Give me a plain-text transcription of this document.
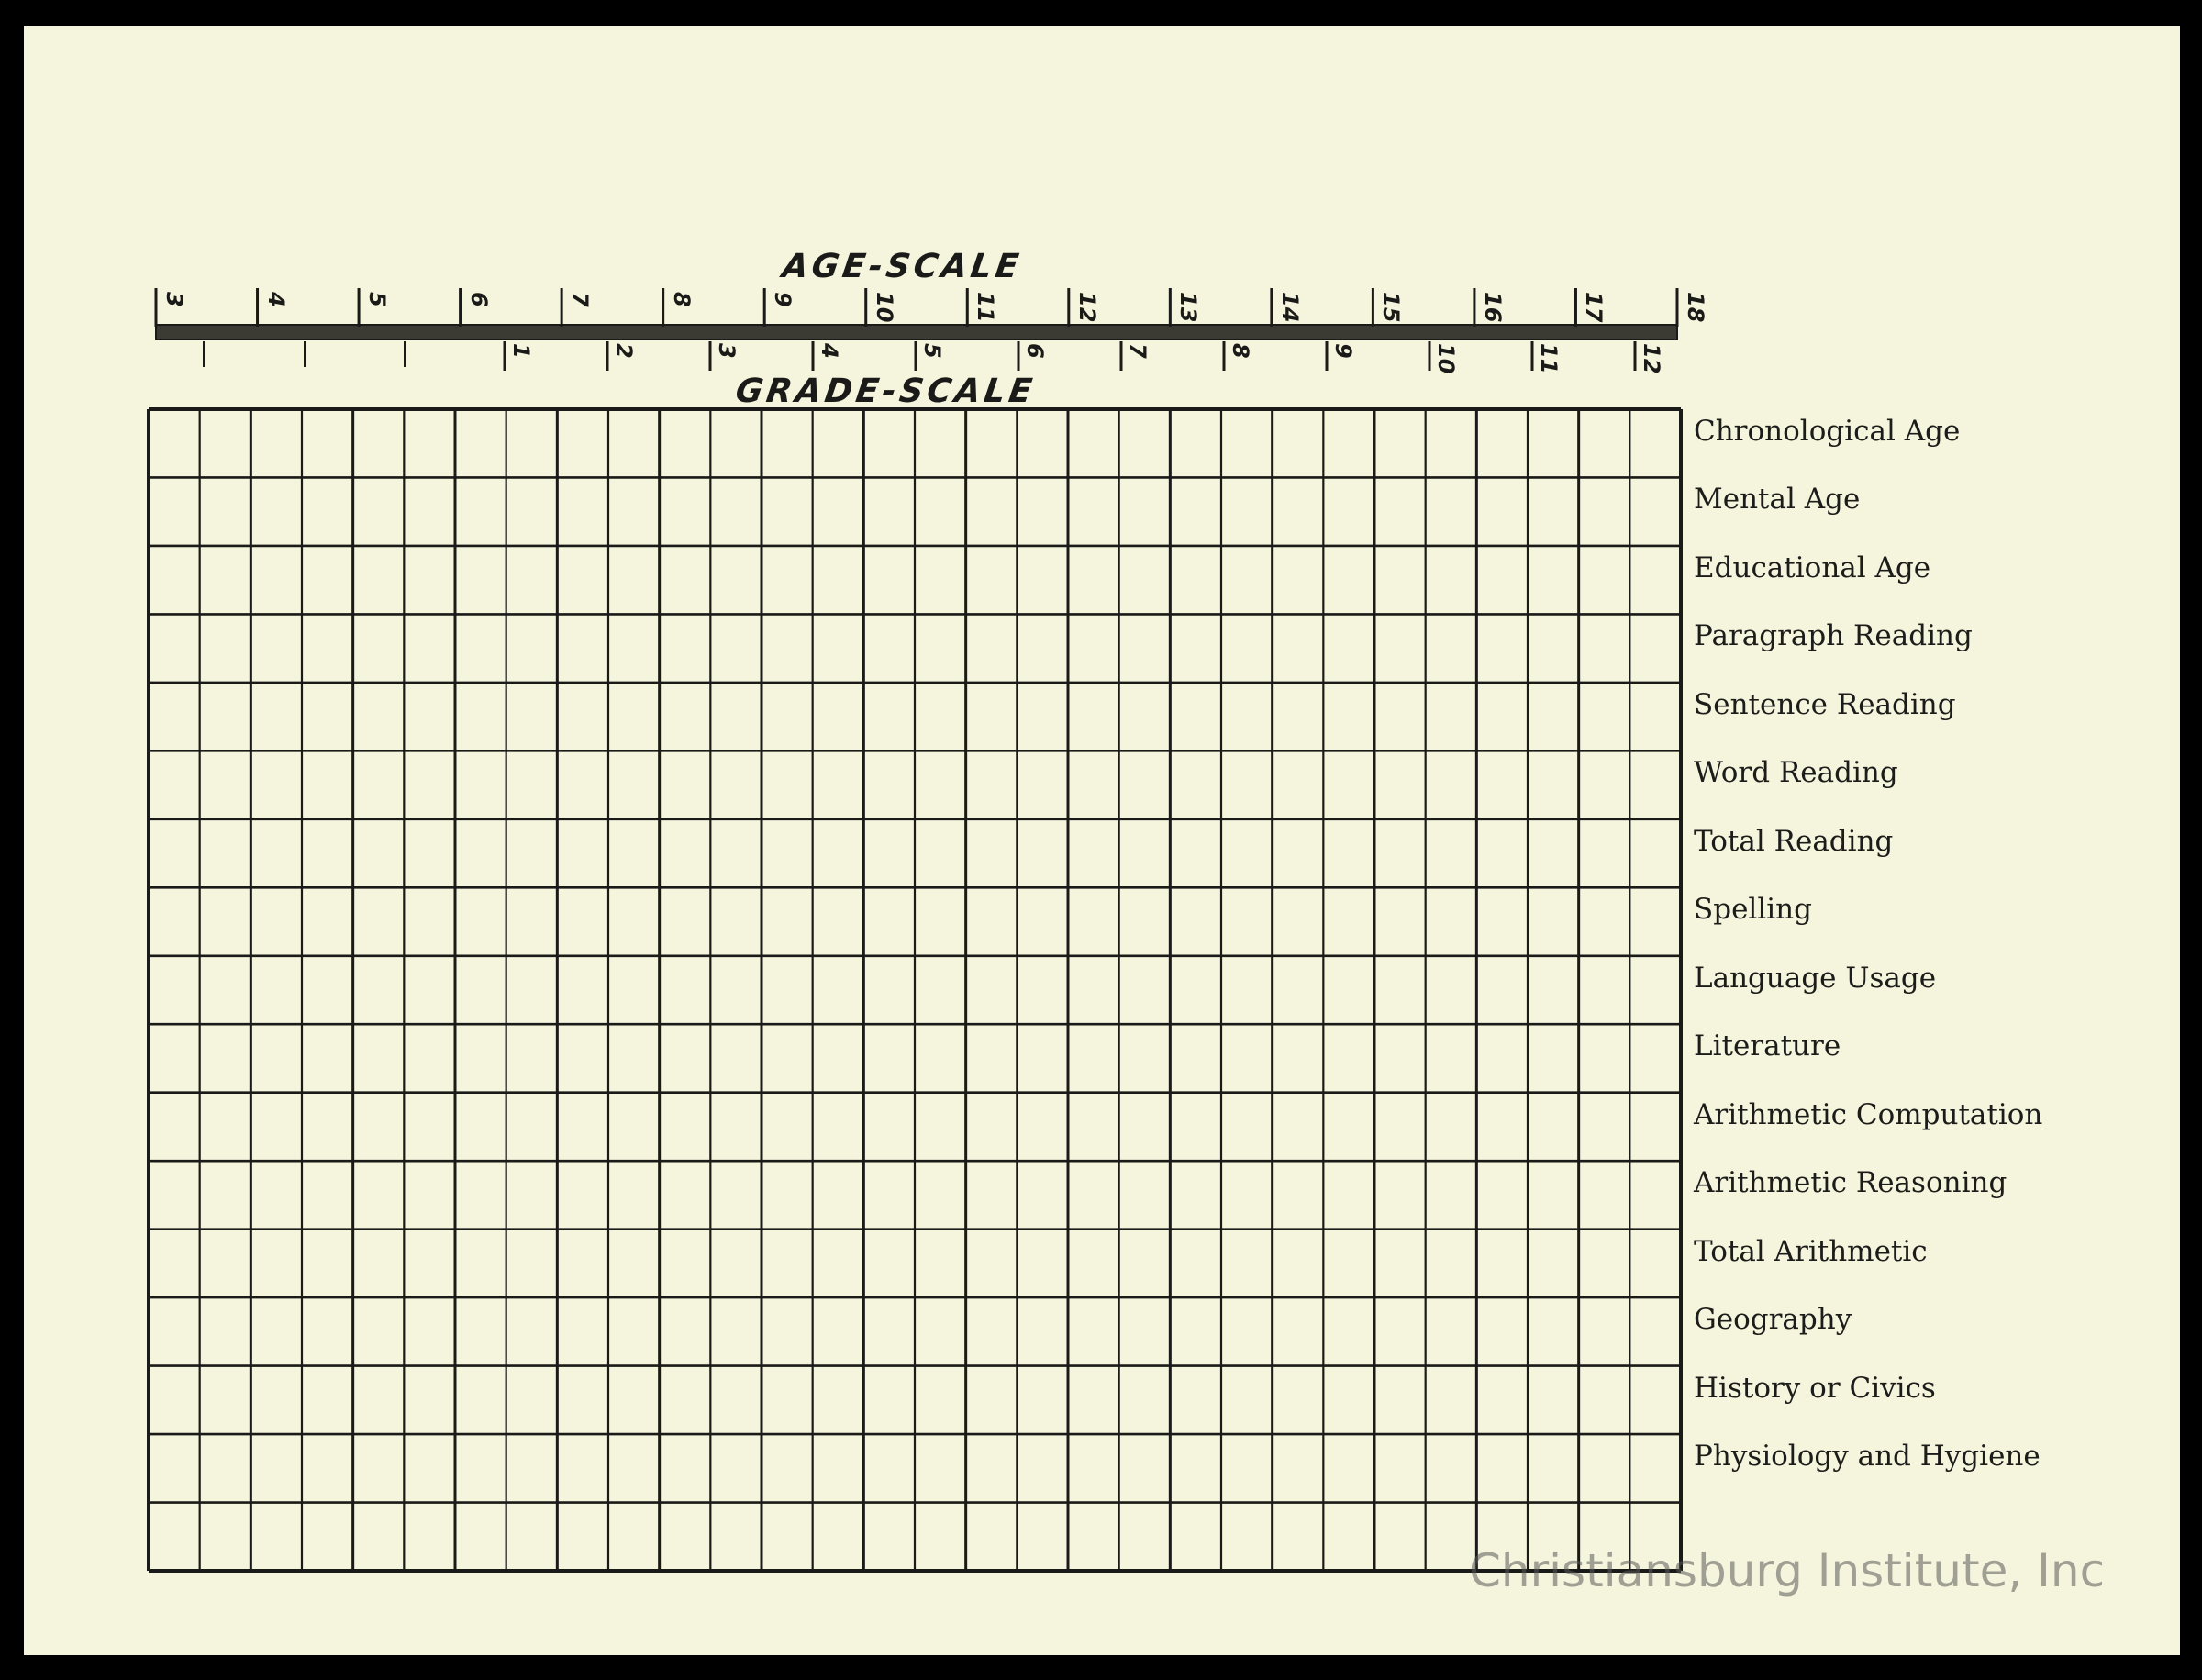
AGE-SCALE
GRADE-SCALE
3	4	5	6	7	8	9	10	11	12	13	14	15	16	17	18
1	2	3	4	5	6	7	8	9	10	11	12
Chronological Age
Mental Age
Educational Age
Paragraph Reading
Sentence Reading
Word Reading
Total Reading
Spelling
Language Usage
Literature
Arithmetic Computation
Arithmetic Reasoning
Total Arithmetic
Geography
History or Civics
Physiology and Hygiene
Christiansburg Institute, Inc
